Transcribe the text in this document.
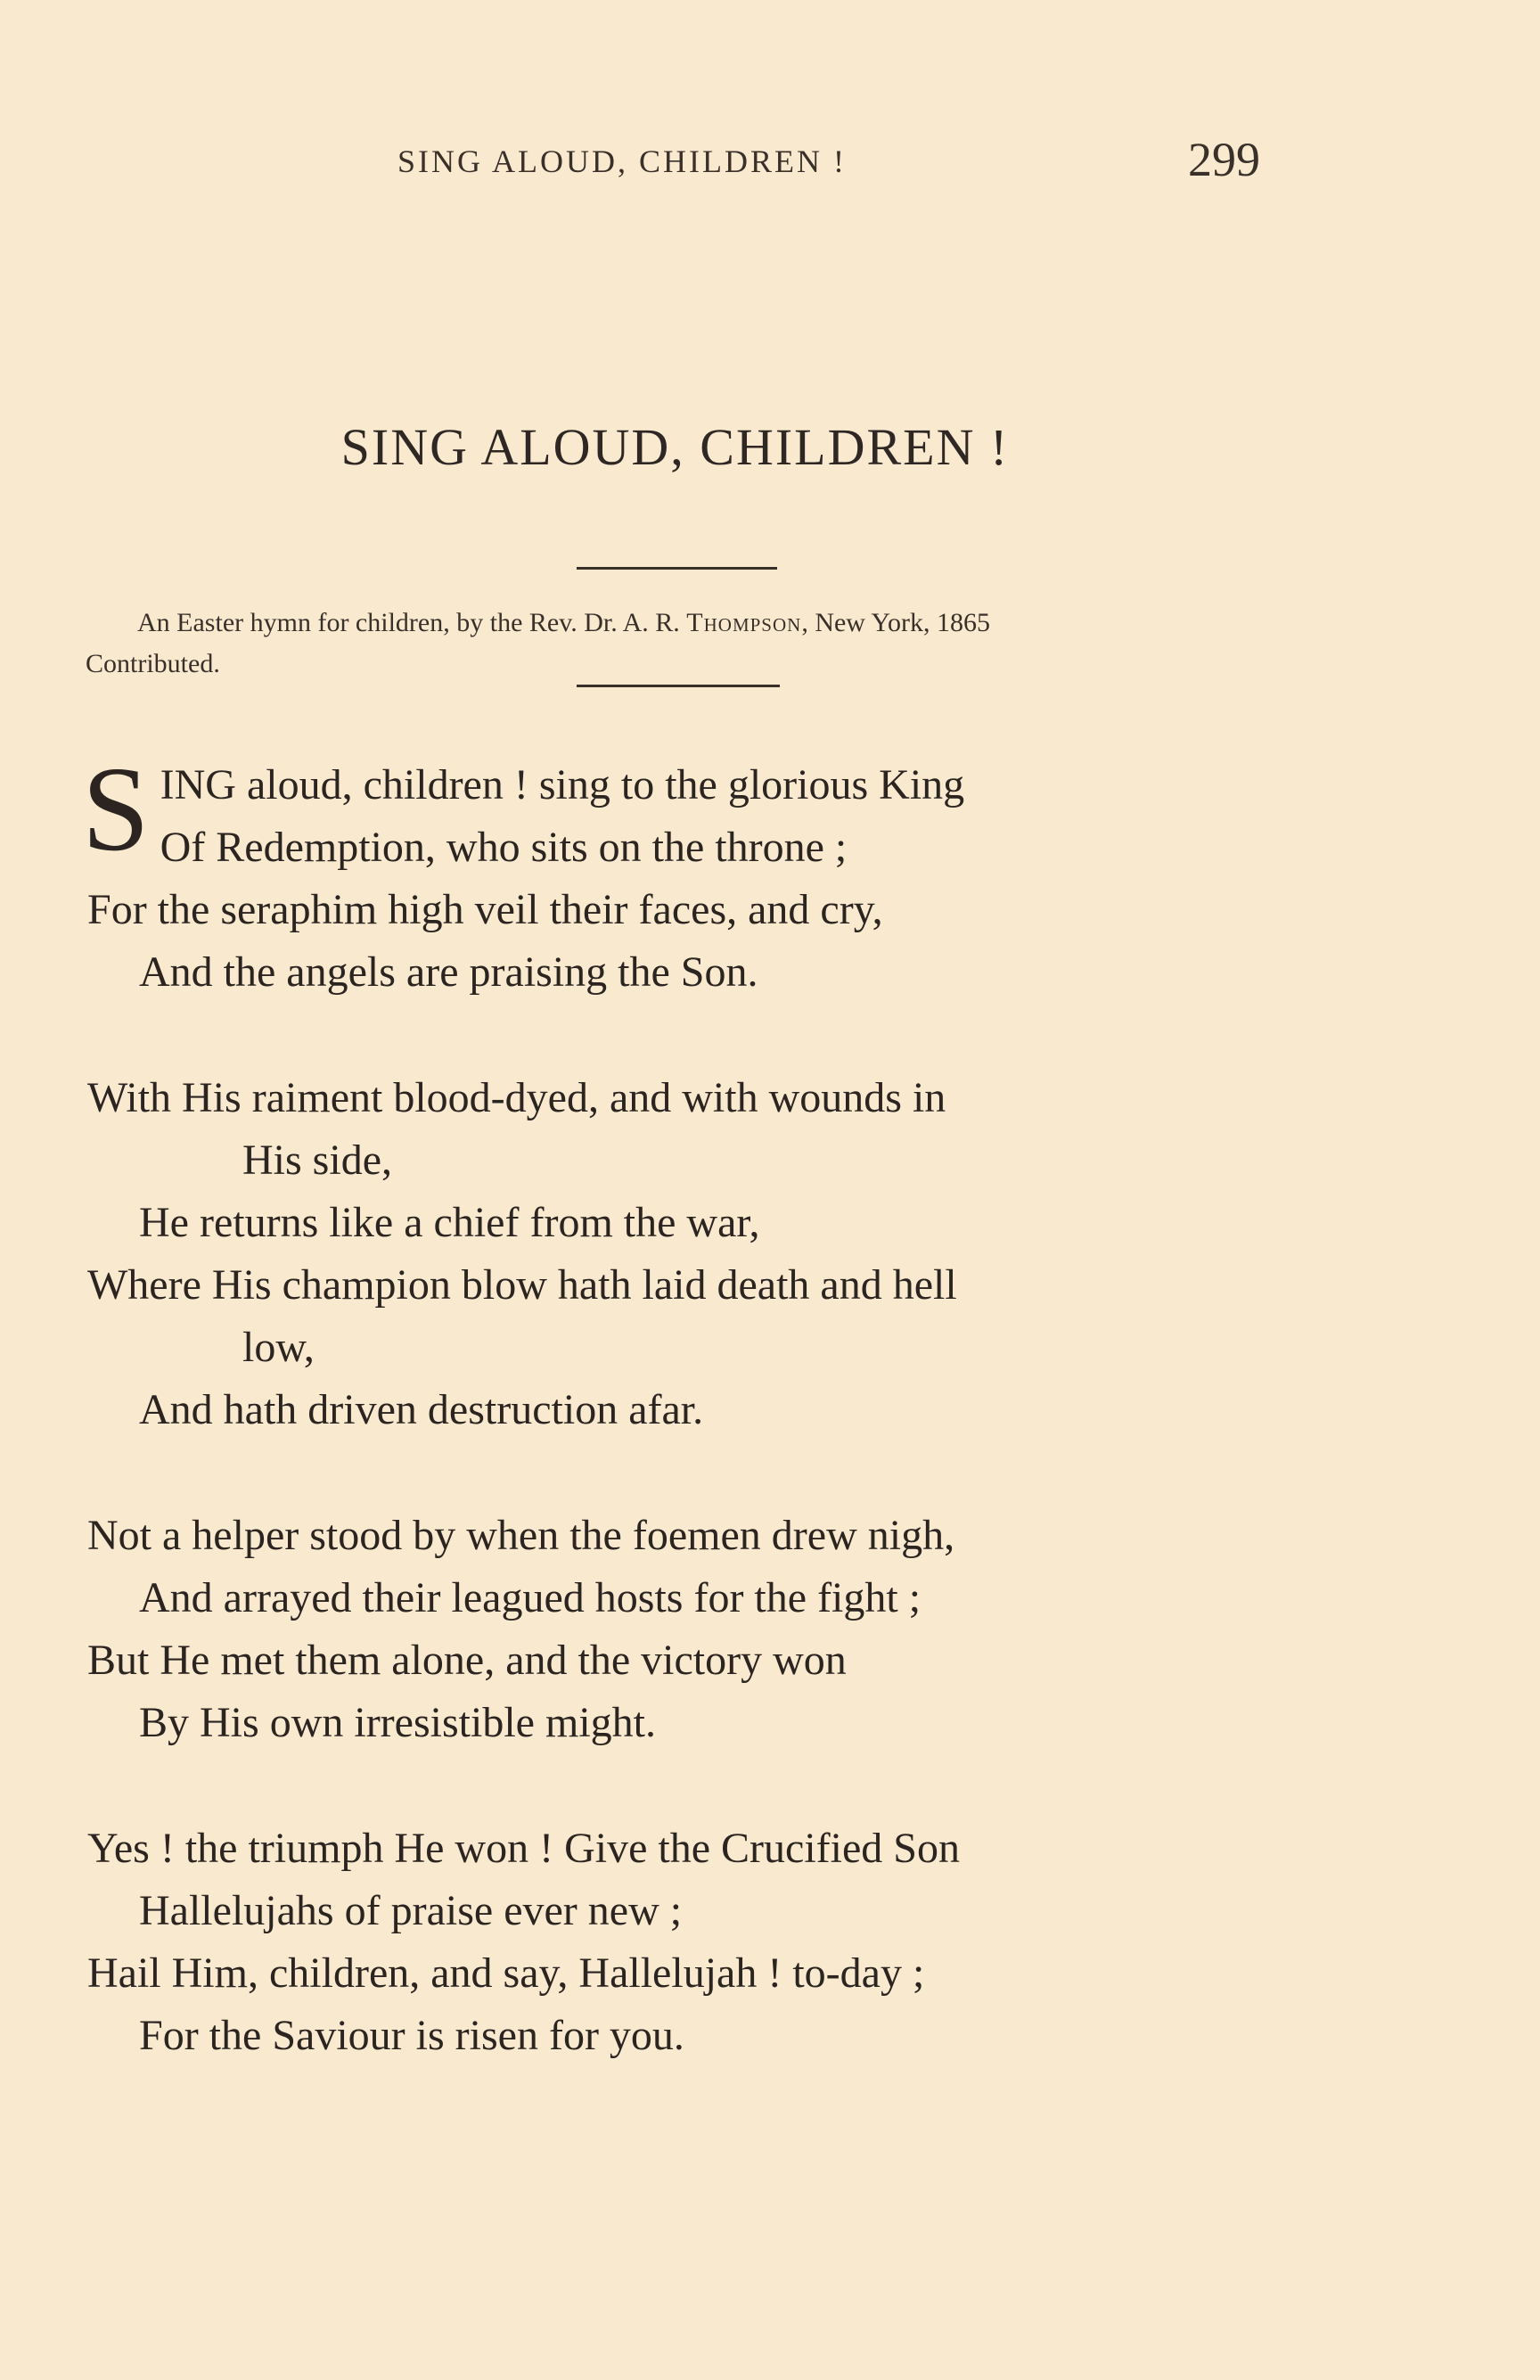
SING ALOUD, CHILDREN !	299
SING ALOUD, CHILDREN !
An Easter hymn for children, by the Rev. Dr. A. R. Thompson, New York, 1865
Contributed.
S ING aloud, children ! sing to the glorious King
Of Redemption, who sits on the throne ;
For the seraphim high veil their faces, and cry,
And the angels are praising the Son.
With His raiment blood-dyed, and with wounds in
His side,
He returns like a chief from the war,
Where His champion blow hath laid death and hell
low,
And hath driven destruction afar.
Not a helper stood by when the foemen drew nigh,
And arrayed their leagued hosts for the fight ;
But He met them alone, and the victory won
By His own irresistible might.
Yes ! the triumph He won ! Give the Crucified Son
Hallelujahs of praise ever new ;
Hail Him, children, and say, Hallelujah ! to-day ;
For the Saviour is risen for you.
